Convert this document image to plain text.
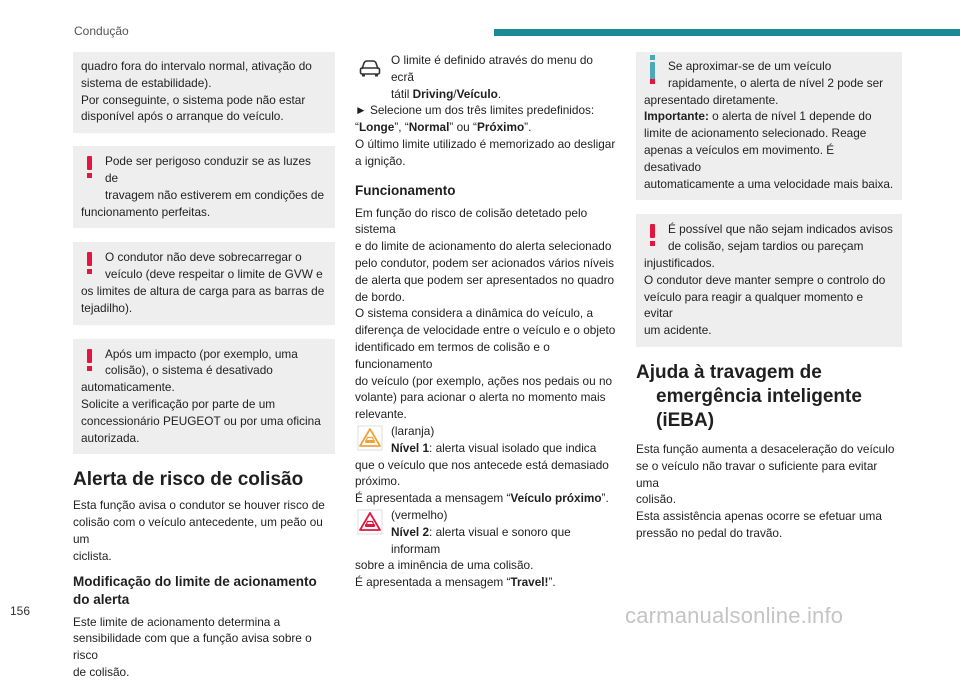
Condução

quadro fora do intervalo normal, ativação do

sistema de estabilidade).

Por conseguinte, o sistema pode não estar

disponível após o arranque do veículo.

Pode ser perigoso conduzir se as luzes de

travagem não estiverem em condições de

funcionamento perfeitas.

O condutor não deve sobrecarregar o

veículo (deve respeitar o limite de GVW e

os limites de altura de carga para as barras de

tejadilho).

Após um impacto (por exemplo, uma

colisão), o sistema é desativado

automaticamente.

Solicite a verificação por parte de um

concessionário PEUGEOT ou por uma oficina

autorizada.

Alerta de risco de colisão

Esta função avisa o condutor se houver risco de

colisão com o veículo antecedente, um peão ou um

ciclista.

Modificação do limite de acionamento
do alerta

Este limite de acionamento determina a

sensibilidade com que a função avisa sobre o risco

de colisão.

O limite é definido através do menu do ecrã

tátil Driving/Veículo.

► Selecione um dos três limites predefinidos:

“Longe”, “Normal” ou “Próximo”.

O último limite utilizado é memorizado ao desligar

a ignição.

Funcionamento

Em função do risco de colisão detetado pelo sistema

e do limite de acionamento do alerta selecionado

pelo condutor, podem ser acionados vários níveis

de alerta que podem ser apresentados no quadro

de bordo.

O sistema considera a dinâmica do veículo, a

diferença de velocidade entre o veículo e o objeto

identificado em termos de colisão e o funcionamento

do veículo (por exemplo, ações nos pedais ou no

volante) para acionar o alerta no momento mais

relevante.

(laranja)

Nível 1: alerta visual isolado que indica

que o veículo que nos antecede está demasiado

próximo.

É apresentada a mensagem “Veículo próximo”.

(vermelho)

Nível 2: alerta visual e sonoro que informam

sobre a iminência de uma colisão.

É apresentada a mensagem “Travel!”.

Se aproximar-se de um veículo

rapidamente, o alerta de nível 2 pode ser

apresentado diretamente.

Importante: o alerta de nível 1 depende do

limite de acionamento selecionado. Reage

apenas a veículos em movimento. É desativado

automaticamente a uma velocidade mais baixa.

É possível que não sejam indicados avisos

de colisão, sejam tardios ou pareçam

injustificados.

O condutor deve manter sempre o controlo do

veículo para reagir a qualquer momento e evitar

um acidente.

Ajuda à travagem de
emergência inteligente (iEBA)

Esta função aumenta a desaceleração do veículo

se o veículo não travar o suficiente para evitar uma

colisão.

Esta assistência apenas ocorre se efetuar uma

pressão no pedal do travão.

156	carmanualsonline.info
